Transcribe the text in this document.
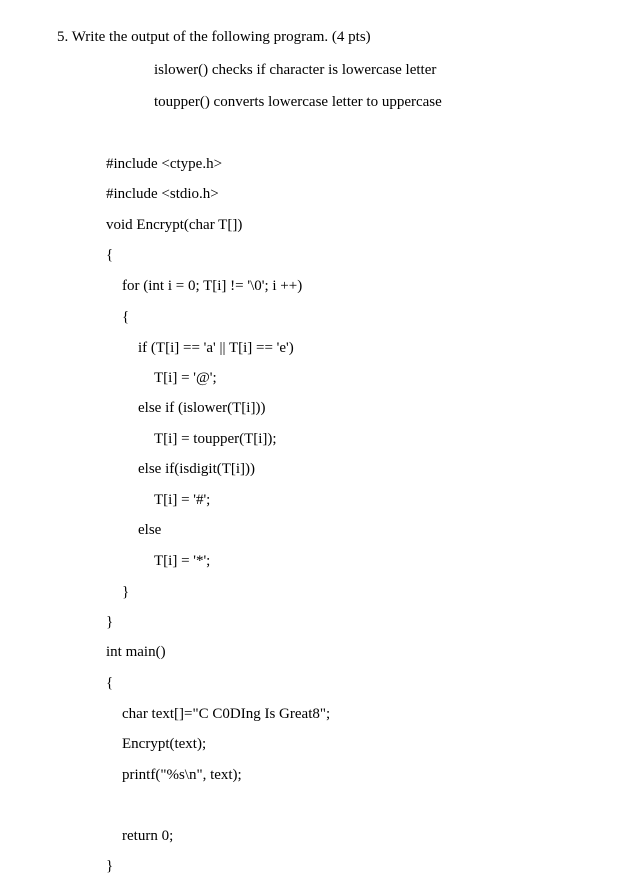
5. Write the output of the following program. (4 pts)
islower() checks if character is lowercase letter
toupper() converts lowercase letter to uppercase
#include <ctype.h>
#include <stdio.h>
void Encrypt(char T[])
{
for (int i = 0; T[i] != '\0'; i ++)
{
if (T[i] == 'a' || T[i] == 'e')
T[i] = '@';
else if (islower(T[i]))
T[i] = toupper(T[i]);
else if(isdigit(T[i]))
T[i] = '#';
else
T[i] = '*';
}
}
int main()
{
char text[]="C C0DIng Is Great8";
Encrypt(text);
printf("%s\n", text);
return 0;
}
